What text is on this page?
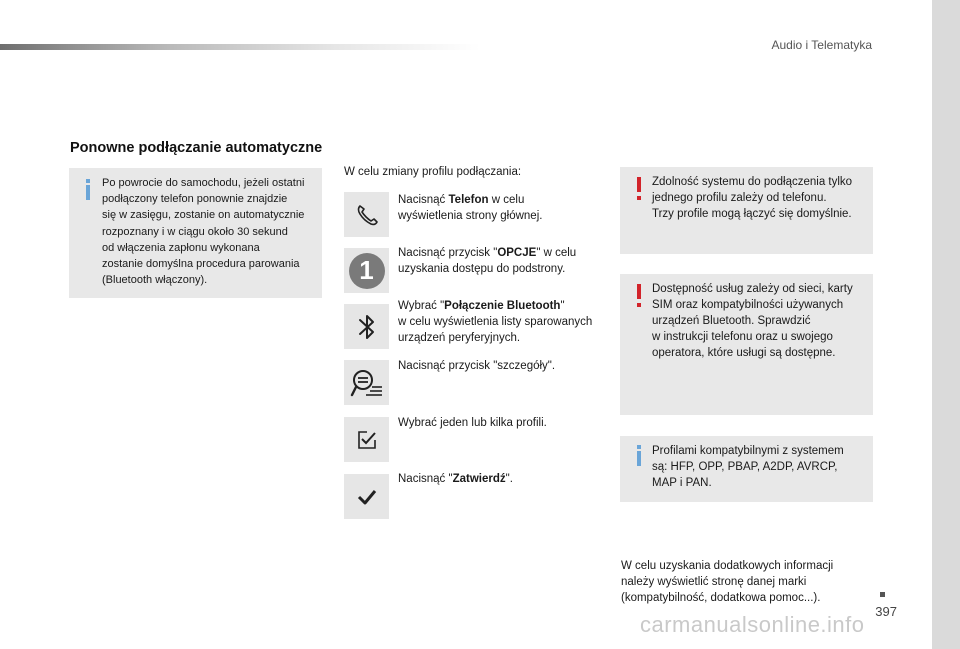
Audio i Telematyka
Ponowne podłączanie automatyczne
Po powrocie do samochodu, jeżeli ostatni
podłączony telefon ponownie znajdzie
się w zasięgu, zostanie on automatycznie
rozpoznany i w ciągu około 30 sekund
od włączenia zapłonu wykonana
zostanie domyślna procedura parowania
(Bluetooth włączony).
W celu zmiany profilu podłączania:
Nacisnąć Telefon w celu
wyświetlenia strony głównej.
1
Nacisnąć przycisk "OPCJE" w celu
uzyskania dostępu do podstrony.
Wybrać "Połączenie Bluetooth"
w celu wyświetlenia listy sparowanych
urządzeń peryferyjnych.
Nacisnąć przycisk "szczegóły".
Wybrać jeden lub kilka profili.
Nacisnąć "Zatwierdź".
Zdolność systemu do podłączenia tylko
jednego profilu zależy od telefonu.
Trzy profile mogą łączyć się domyślnie.
Dostępność usług zależy od sieci, karty
SIM oraz kompatybilności używanych
urządzeń Bluetooth. Sprawdzić
w instrukcji telefonu oraz u swojego
operatora, które usługi są dostępne.
Profilami kompatybilnymi z systemem
są: HFP, OPP, PBAP, A2DP, AVRCP,
MAP i PAN.
W celu uzyskania dodatkowych informacji
należy wyświetlić stronę danej marki
(kompatybilność, dodatkowa pomoc...).
397
carmanualsonline.info
